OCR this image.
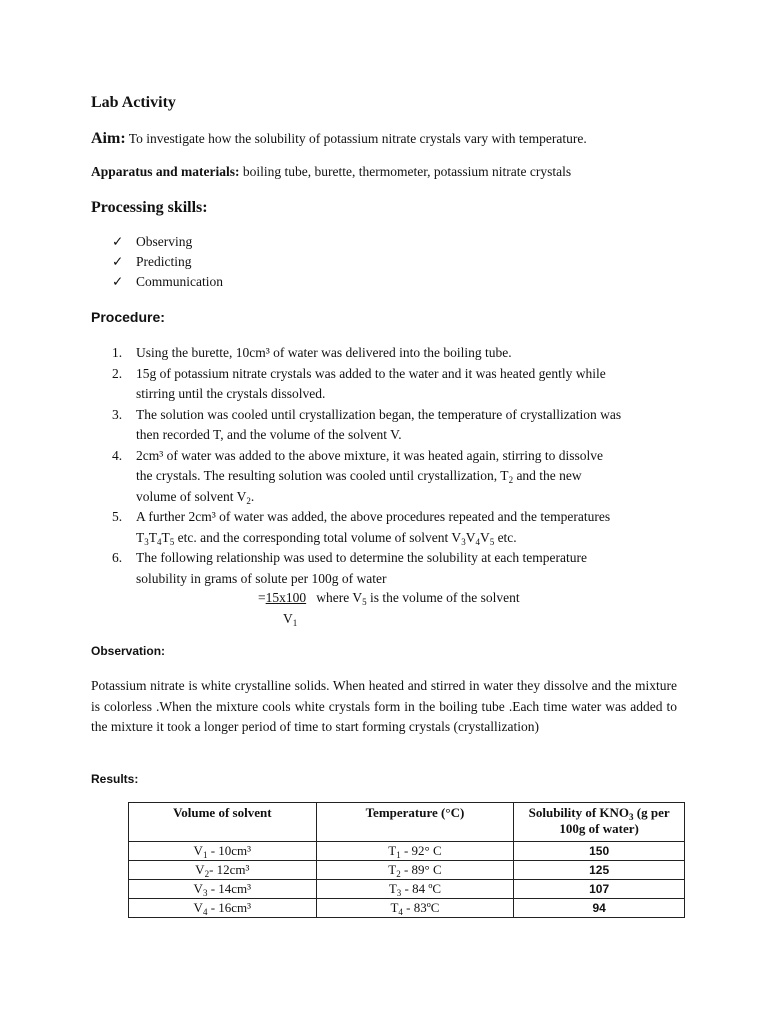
Lab Activity
Aim: To investigate how the solubility of potassium nitrate crystals vary with temperature.
Apparatus and materials: boiling tube, burette, thermometer, potassium nitrate crystals
Processing skills:
✓ Observing
✓ Predicting
✓ Communication
Procedure:
1.	Using the burette, 10cm³ of water was delivered into the boiling tube.
2.	15g of potassium nitrate crystals was added to the water and it was heated gently while
stirring until the crystals dissolved.
3.	The solution was cooled until crystallization began, the temperature of crystallization was
then recorded T, and the volume of the solvent V.
4.	2cm³ of water was added to the above mixture, it was heated again, stirring to dissolve
the crystals. The resulting solution was cooled until crystallization, $T_2$ and the new
volume of solvent $V_2$.
5.	A further 2cm³ of water was added, the above procedures repeated and the temperatures
$T_3T_4T_5$ etc. and the corresponding total volume of solvent $V_3V_4V_5$ etc.
6.	The following relationship was used to determine the solubility at each temperature
solubility in grams of solute per 100g of water
=15x100   where $V_5$ is the volume of the solvent
$V_1$
Observation:
Potassium nitrate is white crystalline solids. When heated and stirred in water they dissolve and the mixture is colorless .When the mixture cools white crystals form in the boiling tube .Each time water was added to the mixture it took a longer period of time to start forming crystals (crystallization)
Results:
Volume of solvent	Temperature (°C)	Solubility of $KNO_3$ (g per 100g of water)
$V_1 - 10cm^3$	$T_1 - 92^\circ$ C	150
$V_2-$ 12cm³	$T_2 - 89^\circ$ C	125
$V_3 - 14cm^3$	$T_3 - 84$ ºC	107
$V_4 - 16cm^3$	$T_4$ - 83ºC	94
